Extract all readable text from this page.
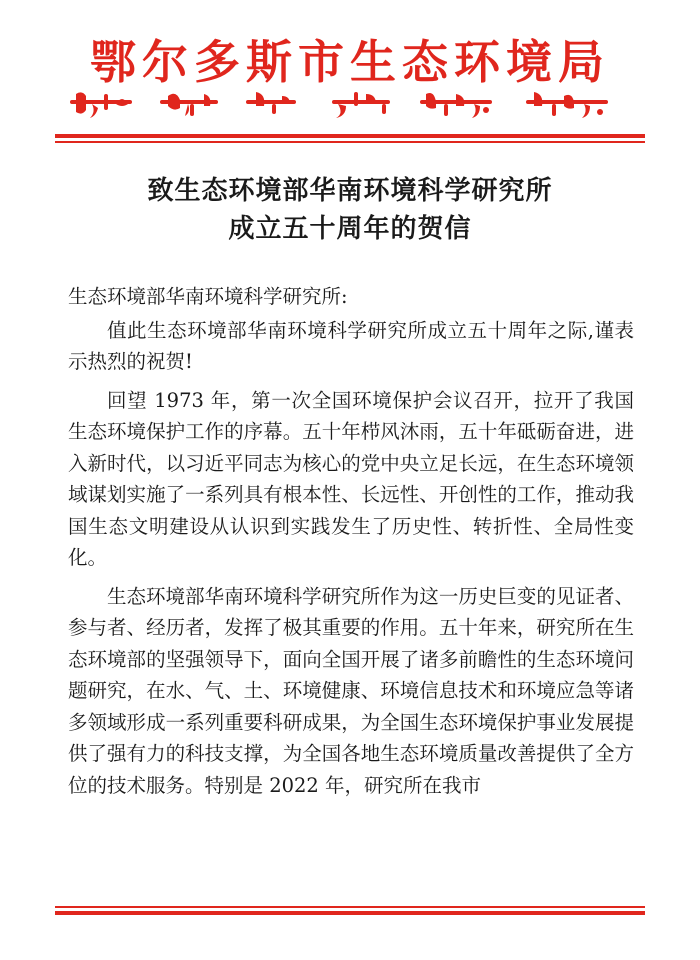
鄂尔多斯市生态环境局
致生态环境部华南环境科学研究所
成立五十周年的贺信

生态环境部华南环境科学研究所:

值此生态环境部华南环境科学研究所成立五十周年之际,谨表示热烈的祝贺!

回望 1973 年，第一次全国环境保护会议召开，拉开了我国生态环境保护工作的序幕。五十年栉风沐雨，五十年砥砺奋进，进入新时代，以习近平同志为核心的党中央立足长远，在生态环境领域谋划实施了一系列具有根本性、长远性、开创性的工作，推动我国生态文明建设从认识到实践发生了历史性、转折性、全局性变化。

生态环境部华南环境科学研究所作为这一历史巨变的见证者、参与者、经历者，发挥了极其重要的作用。五十年来，研究所在生态环境部的坚强领导下，面向全国开展了诸多前瞻性的生态环境问题研究，在水、气、土、环境健康、环境信息技术和环境应急等诸多领域形成一系列重要科研成果，为全国生态环境保护事业发展提供了强有力的科技支撑，为全国各地生态环境质量改善提供了全方位的技术服务。特别是 2022 年，研究所在我市
